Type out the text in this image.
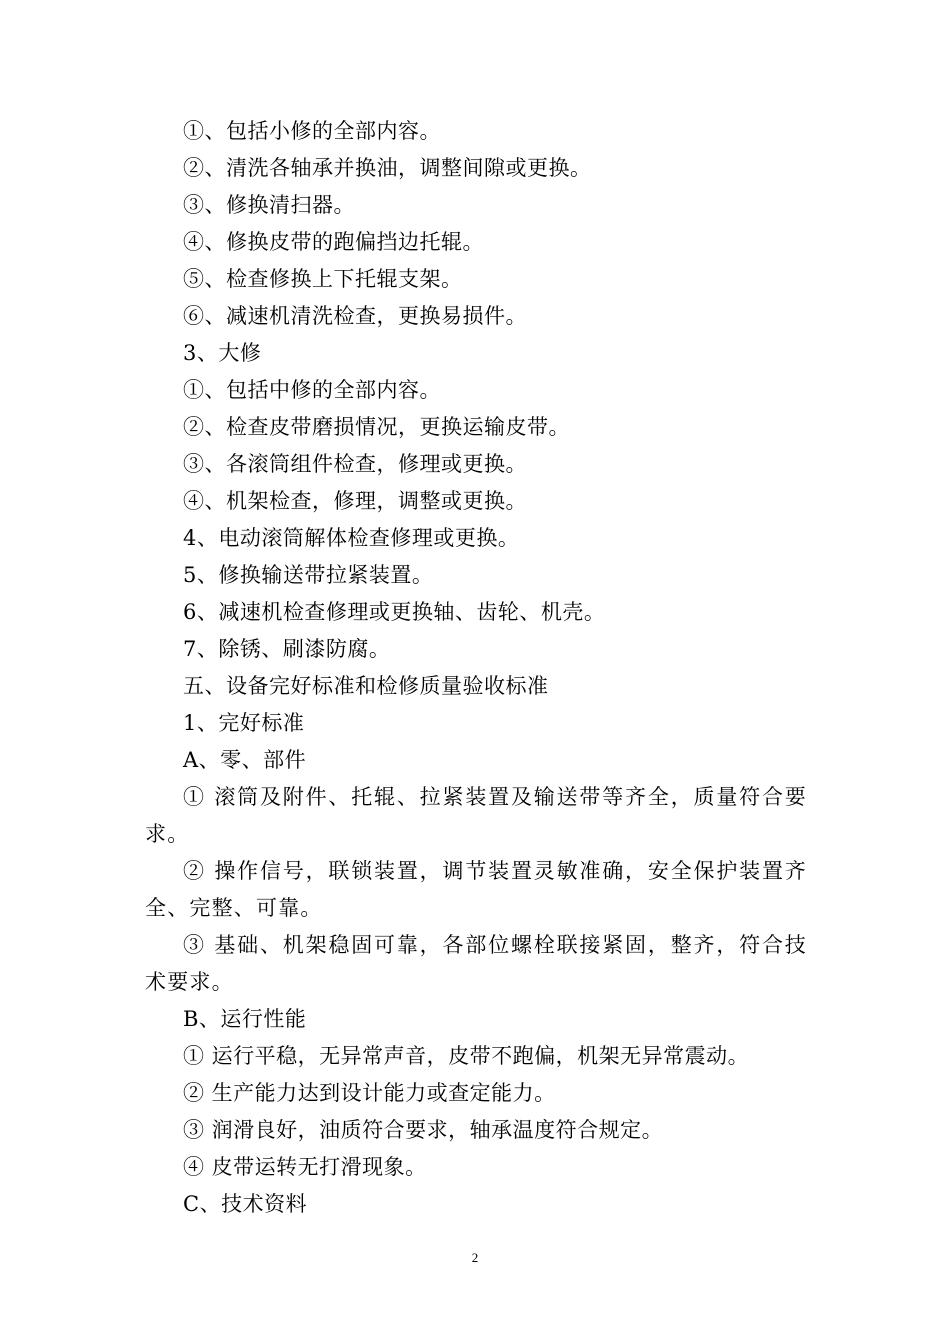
①、包括小修的全部内容。
②、清洗各轴承并换油，调整间隙或更换。
③、修换清扫器。
④、修换皮带的跑偏挡边托辊。
⑤、检查修换上下托辊支架。
⑥、减速机清洗检查，更换易损件。
3、大修
①、包括中修的全部内容。
②、检查皮带磨损情况，更换运输皮带。
③、各滚筒组件检查，修理或更换。
④、机架检查，修理，调整或更换。
4、电动滚筒解体检查修理或更换。
5、修换输送带拉紧装置。
6、减速机检查修理或更换轴、齿轮、机壳。
7、除锈、刷漆防腐。
五、设备完好标准和检修质量验收标准
1、完好标准
A、零、部件

① 滚筒及附件、托辊、拉紧装置及输送带等齐全，质量符合要求。

② 操作信号，联锁装置，调节装置灵敏准确，安全保护装置齐全、完整、可靠。

③ 基础、机架稳固可靠，各部位螺栓联接紧固，整齐，符合技术要求。

B、运行性能
① 运行平稳，无异常声音，皮带不跑偏，机架无异常震动。
② 生产能力达到设计能力或查定能力。
③ 润滑良好，油质符合要求，轴承温度符合规定。
④ 皮带运转无打滑现象。
C、技术资料
2
